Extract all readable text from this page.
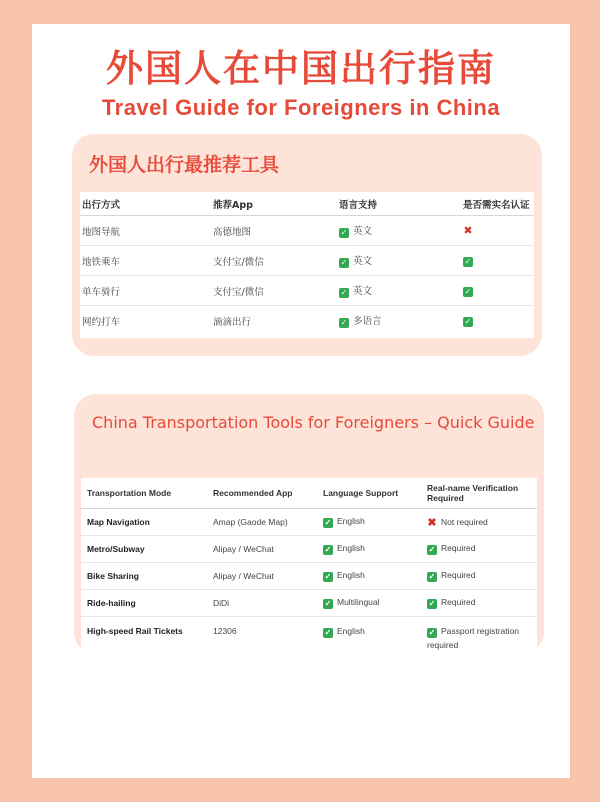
外国人在中国出行指南
Travel Guide for Foreigners in China
外国人出行最推荐工具
出行方式	推荐App	语言支持	是否需实名认证
地图导航	高德地图	✓ 英文	✖
地铁乘车	支付宝/微信	✓ 英文	✓
单车骑行	支付宝/微信	✓ 英文	✓
网约打车	滴滴出行	✓ 多语言	✓
China Transportation Tools for Foreigners – Quick Guide
Transportation Mode	Recommended App	Language Support	Real-name Verification Required
Map Navigation	Amap (Gaode Map)	✓ English	✖ Not required
Metro/Subway	Alipay / WeChat	✓ English	✓ Required
Bike Sharing	Alipay / WeChat	✓ English	✓ Required
Ride-hailing	DiDi	✓ Multilingual	✓ Required
High-speed Rail Tickets	12306	✓ English	✓ Passport registration required
